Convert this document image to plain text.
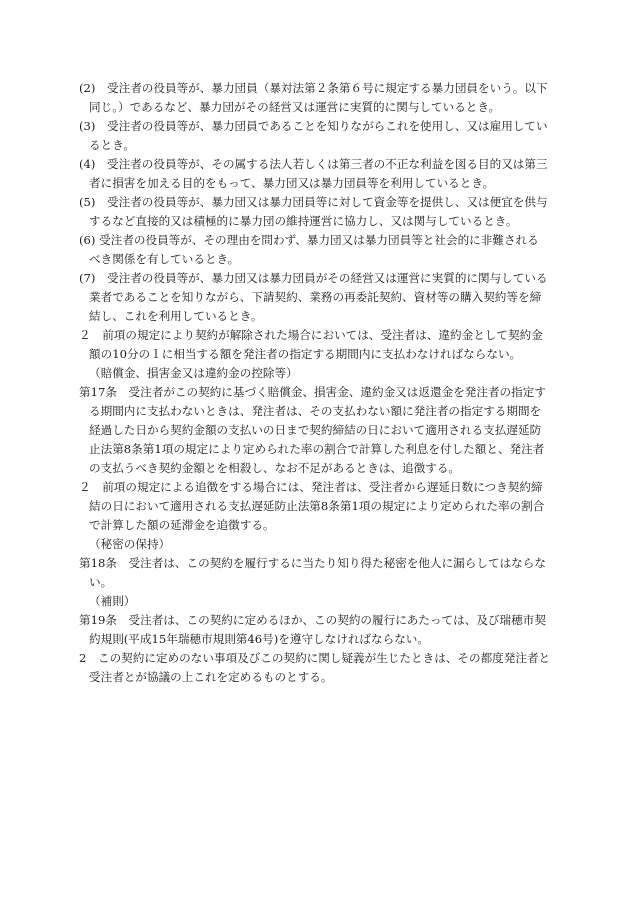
(2)　受注者の役員等が、暴力団員（暴対法第２条第６号に規定する暴力団員をいう。以下
同じ。）であるなど、暴力団がその経営又は運営に実質的に関与しているとき。
(3)　受注者の役員等が、暴力団員であることを知りながらこれを使用し、又は雇用してい
るとき。
(4)　受注者の役員等が、その属する法人若しくは第三者の不正な利益を図る目的又は第三
者に損害を加える目的をもって、暴力団又は暴力団員等を利用しているとき。
(5)　受注者の役員等が、暴力団又は暴力団員等に対して資金等を提供し、又は便宜を供与
するなど直接的又は積極的に暴力団の維持運営に協力し、又は関与しているとき。
(6) 受注者の役員等が、その理由を問わず、暴力団又は暴力団員等と社会的に非難される
べき関係を有しているとき。
(7)　受注者の役員等が、暴力団又は暴力団員がその経営又は運営に実質的に関与している
業者であることを知りながら、下請契約、業務の再委託契約、資材等の購入契約等を締
結し、これを利用しているとき。
２　前項の規定により契約が解除された場合においては、受注者は、違約金として契約金
額の10分の１に相当する額を発注者の指定する期間内に支払わなければならない。
（賠償金、損害金又は違約金の控除等）
第17条　受注者がこの契約に基づく賠償金、損害金、違約金又は返還金を発注者の指定す
る期間内に支払わないときは、発注者は、その支払わない額に発注者の指定する期間を
経過した日から契約金額の支払いの日まで契約締結の日において適用される支払遅延防
止法第8条第1項の規定により定められた率の割合で計算した利息を付した額と、発注者
の支払うべき契約金額とを相殺し、なお不足があるときは、追徴する。
２　前項の規定による追徴をする場合には、発注者は、受注者から遅延日数につき契約締
結の日において適用される支払遅延防止法第8条第1項の規定により定められた率の割合
で計算した額の延滞金を追徴する。
（秘密の保持）
第18条　受注者は、この契約を履行するに当たり知り得た秘密を他人に漏らしてはならな
い。
（補則）
第19条　受注者は、この契約に定めるほか、この契約の履行にあたっては、及び瑞穂市契
約規則(平成15年瑞穂市規則第46号)を遵守しなければならない。
2　この契約に定めのない事項及びこの契約に関し疑義が生じたときは、その都度発注者と
受注者とが協議の上これを定めるものとする。
